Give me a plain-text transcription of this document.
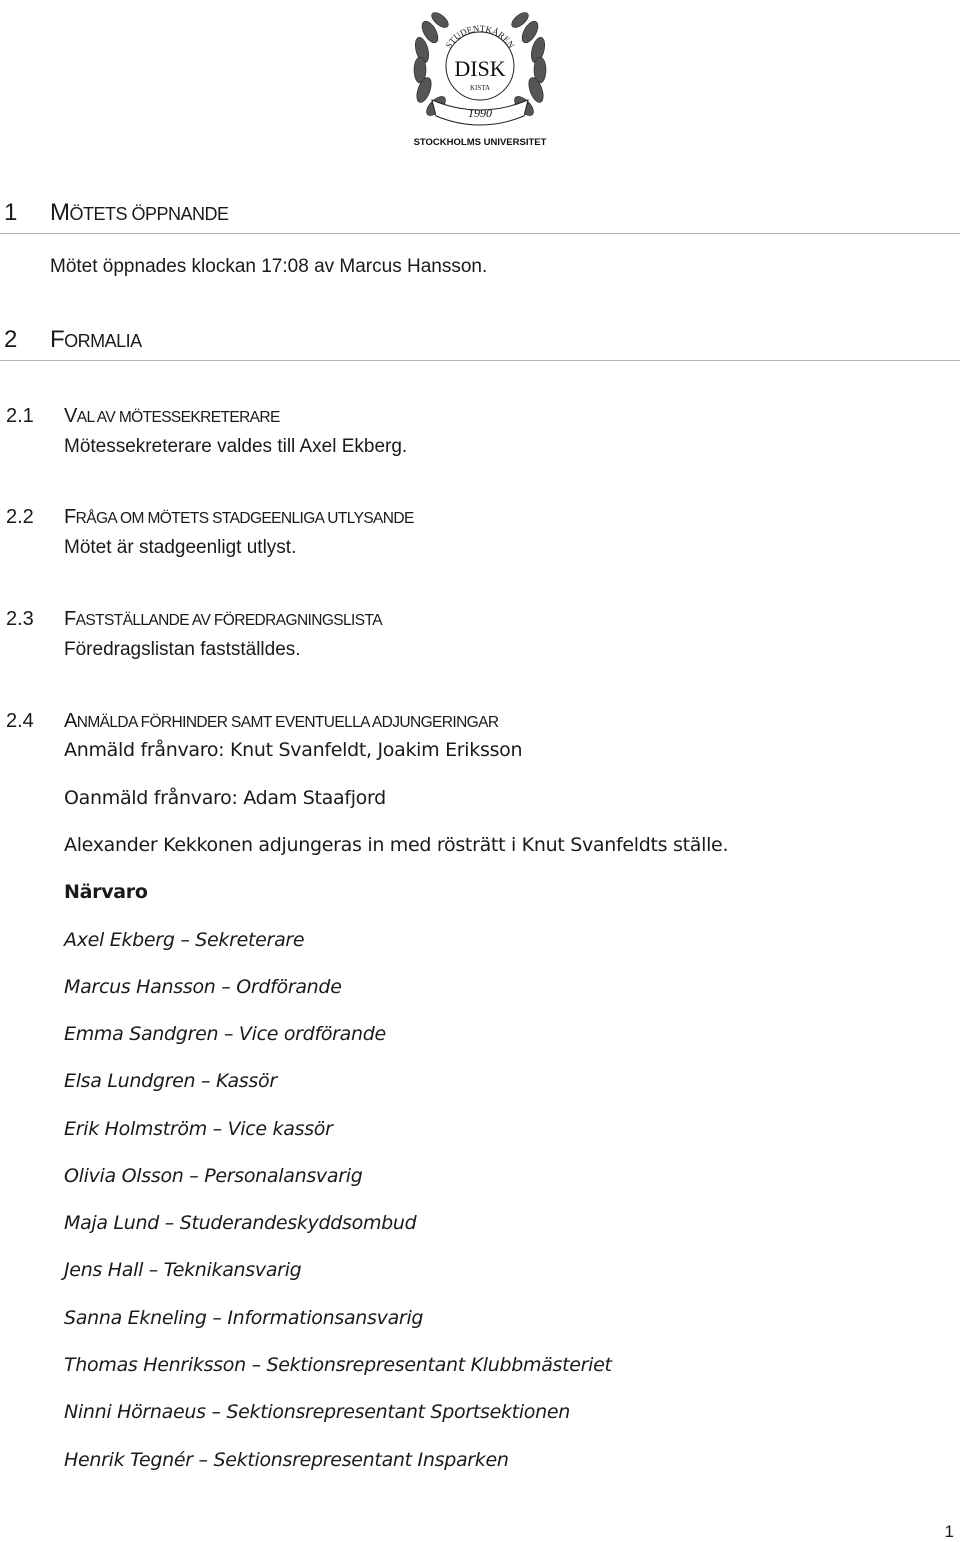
STUDENTKÅREN
DISK
KISTA
1990
STOCKHOLMS UNIVERSITET
1 MÖTETS ÖPPNANDE
Mötet öppnades klockan 17:08 av Marcus Hansson.
2 FORMALIA
2.1 VAL AV MÖTESSEKRETERARE
Mötessekreterare valdes till Axel Ekberg.
2.2 FRÅGA OM MÖTETS STADGEENLIGA UTLYSANDE
Mötet är stadgeenligt utlyst.
2.3 FASTSTÄLLANDE AV FÖREDRAGNINGSLISTA
Föredragslistan fastställdes.
2.4 ANMÄLDA FÖRHINDER SAMT EVENTUELLA ADJUNGERINGAR
Anmäld frånvaro: Knut Svanfeldt, Joakim Eriksson
Oanmäld frånvaro: Adam Staafjord
Alexander Kekkonen adjungeras in med rösträtt i Knut Svanfeldts ställe.
Närvaro
Axel Ekberg – Sekreterare
Marcus Hansson – Ordförande
Emma Sandgren – Vice ordförande
Elsa Lundgren – Kassör
Erik Holmström – Vice kassör
Olivia Olsson – Personalansvarig
Maja Lund – Studerandeskyddsombud
Jens Hall – Teknikansvarig
Sanna Ekneling – Informationsansvarig
Thomas Henriksson – Sektionsrepresentant Klubbmästeriet
Ninni Hörnaeus – Sektionsrepresentant Sportsektionen
Henrik Tegnér – Sektionsrepresentant Insparken
1
